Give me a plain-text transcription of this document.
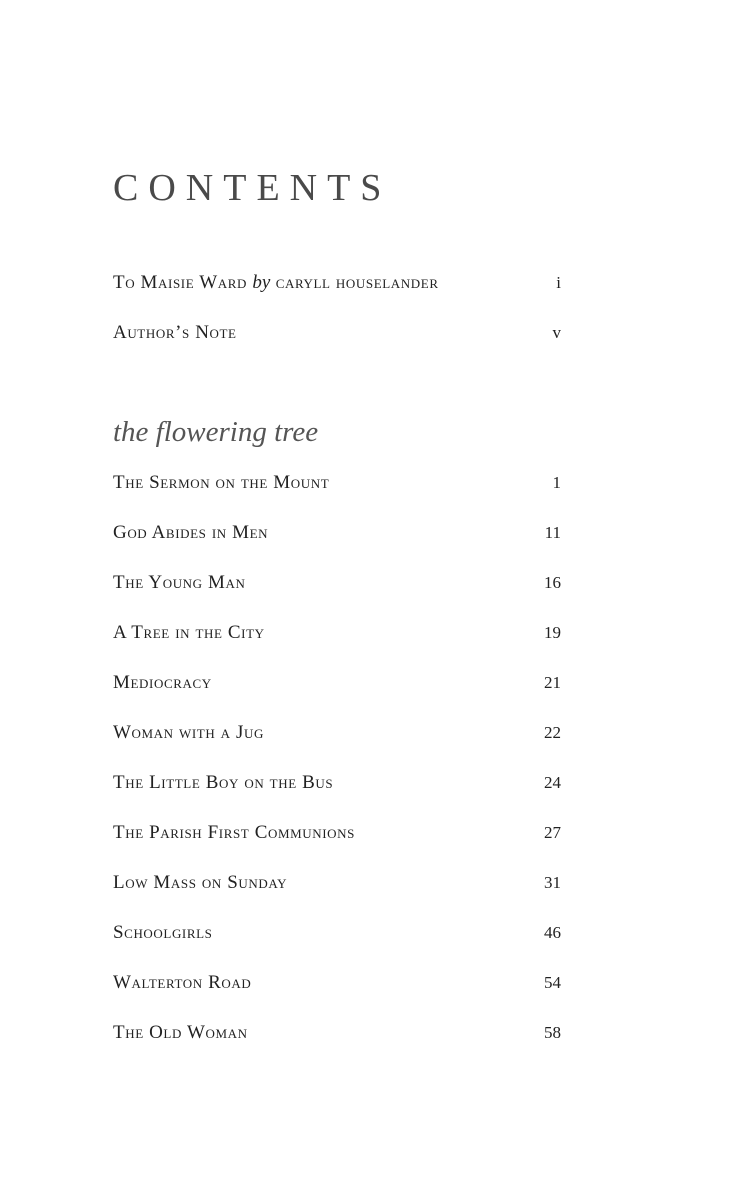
CONTENTS
To Maisie Ward by caryll houselander	i
Author’s Note	v
the flowering tree
The Sermon on the Mount	1
God Abides in Men	11
The Young Man	16
A Tree in the City	19
Mediocracy	21
Woman with a Jug	22
The Little Boy on the Bus	24
The Parish First Communions	27
Low Mass on Sunday	31
Schoolgirls	46
Walterton Road	54
The Old Woman	58
